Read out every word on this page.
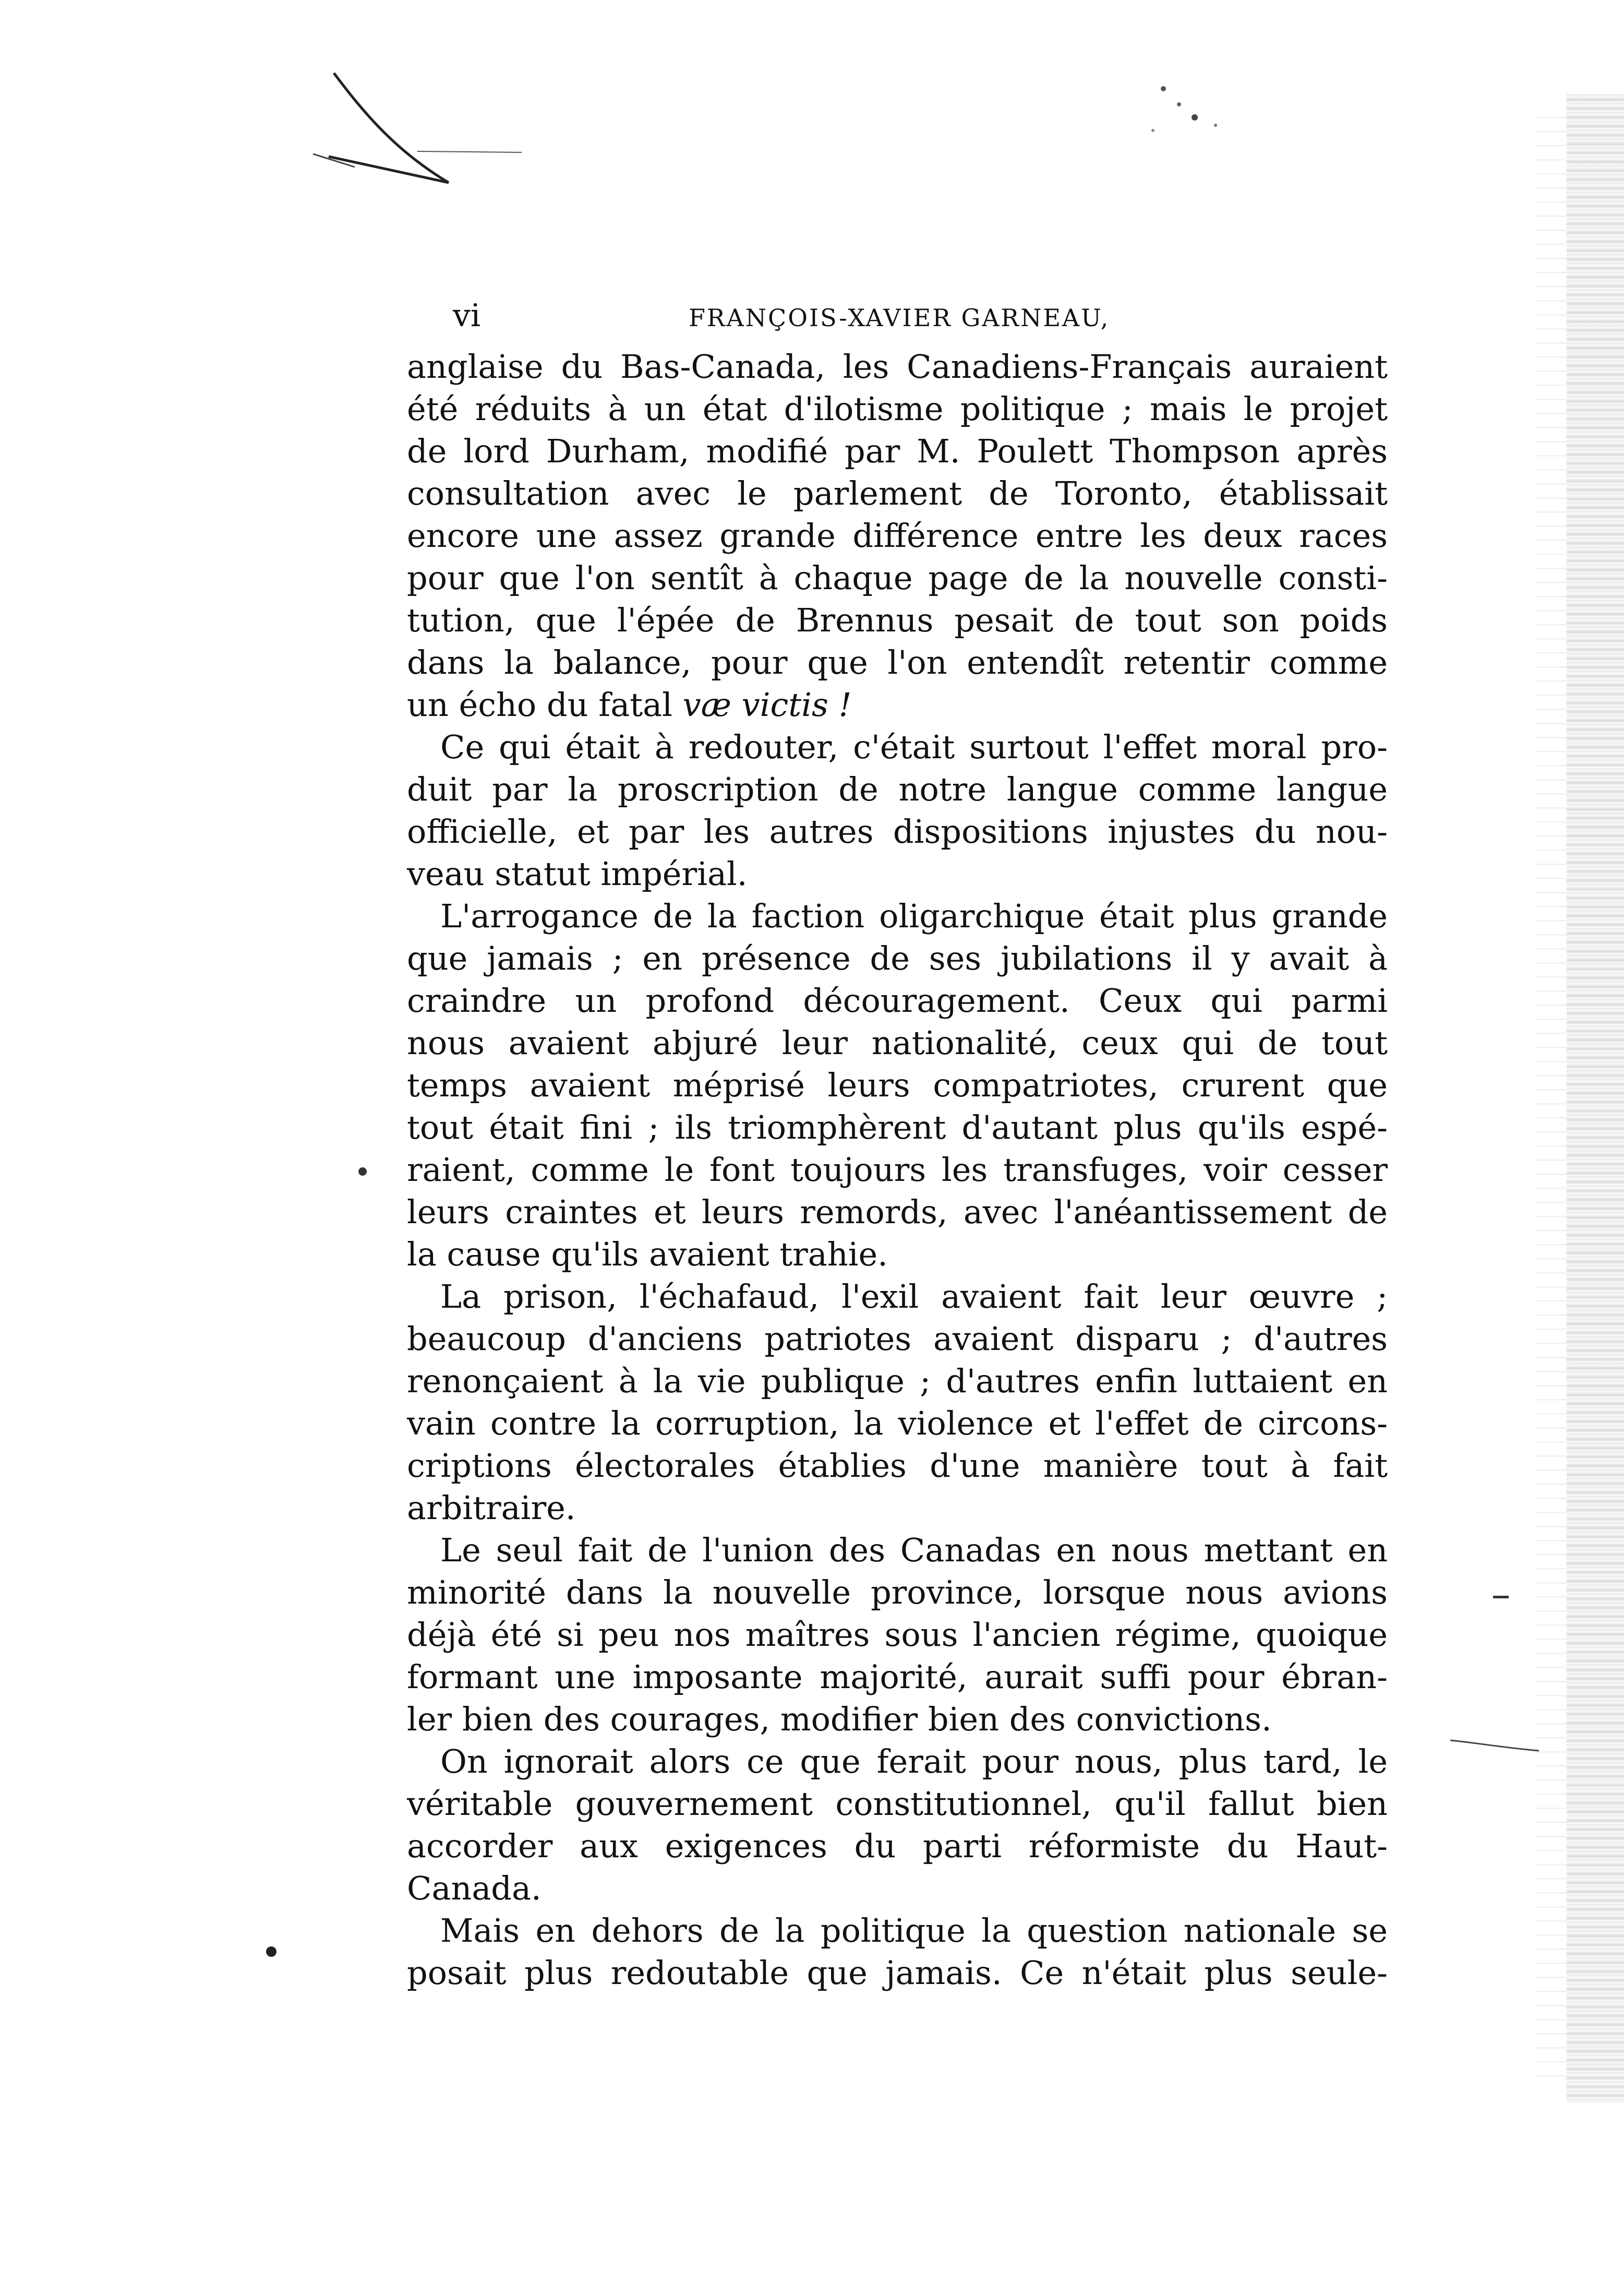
vi	FRANÇOIS-XAVIER GARNEAU,
anglaise du Bas-Canada, les Canadiens-Français auraient
été réduits à un état d'ilotisme politique ; mais le projet
de lord Durham, modifié par M. Poulett Thompson après
consultation avec le parlement de Toronto, établissait
encore une assez grande différence entre les deux races
pour que l'on sentît à chaque page de la nouvelle consti-
tution, que l'épée de Brennus pesait de tout son poids
dans la balance, pour que l'on entendît retentir comme
un écho du fatal væ victis !
Ce qui était à redouter, c'était surtout l'effet moral pro-
duit par la proscription de notre langue comme langue
officielle, et par les autres dispositions injustes du nou-
veau statut impérial.
L'arrogance de la faction oligarchique était plus grande
que jamais ; en présence de ses jubilations il y avait à
craindre un profond découragement. Ceux qui parmi
nous avaient abjuré leur nationalité, ceux qui de tout
temps avaient méprisé leurs compatriotes, crurent que
tout était fini ; ils triomphèrent d'autant plus qu'ils espé-
raient, comme le font toujours les transfuges, voir cesser
leurs craintes et leurs remords, avec l'anéantissement de
la cause qu'ils avaient trahie.
La prison, l'échafaud, l'exil avaient fait leur œuvre ;
beaucoup d'anciens patriotes avaient disparu ; d'autres
renonçaient à la vie publique ; d'autres enfin luttaient en
vain contre la corruption, la violence et l'effet de circons-
criptions électorales établies d'une manière tout à fait
arbitraire.
Le seul fait de l'union des Canadas en nous mettant en
minorité dans la nouvelle province, lorsque nous avions
déjà été si peu nos maîtres sous l'ancien régime, quoique
formant une imposante majorité, aurait suffi pour ébran-
ler bien des courages, modifier bien des convictions.
On ignorait alors ce que ferait pour nous, plus tard, le
véritable gouvernement constitutionnel, qu'il fallut bien
accorder aux exigences du parti réformiste du Haut-
Canada.
Mais en dehors de la politique la question nationale se
posait plus redoutable que jamais. Ce n'était plus seule-
